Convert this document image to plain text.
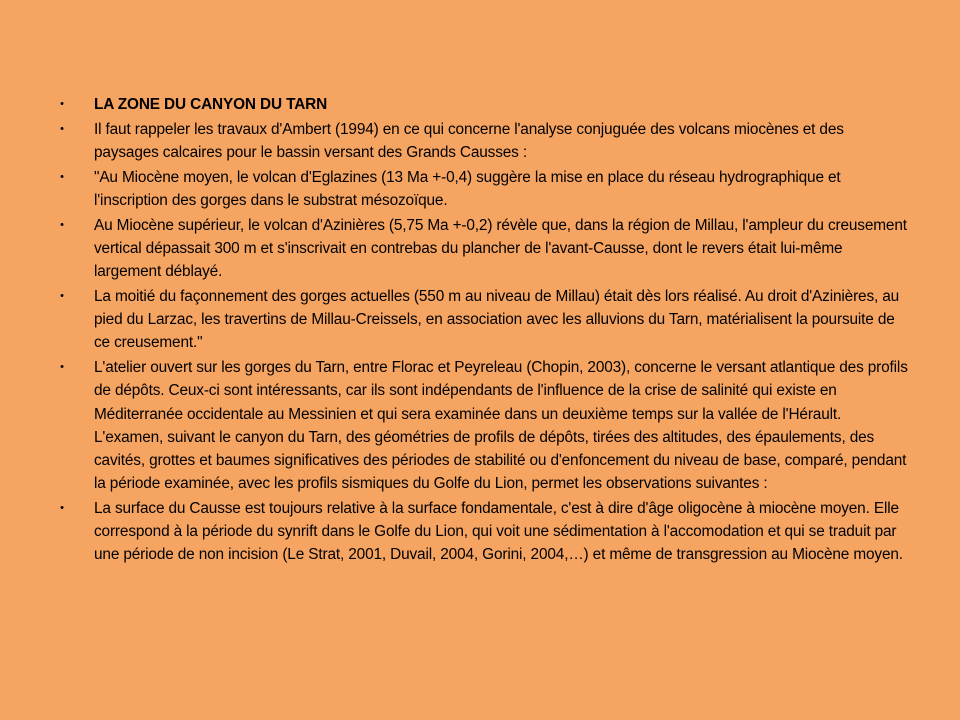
• LA ZONE DU CANYON DU TARN
• Il faut rappeler les travaux d'Ambert (1994) en ce qui concerne l'analyse conjuguée des volcans miocènes et des paysages calcaires pour le bassin versant des Grands Causses :
• "Au Miocène moyen, le volcan d'Eglazines (13 Ma +-0,4) suggère la mise en place du réseau hydrographique et l'inscription des gorges dans le substrat mésozoïque.
• Au Miocène supérieur, le volcan d'Azinières (5,75 Ma +-0,2) révèle que, dans la région de Millau, l'ampleur du creusement vertical dépassait 300 m et s'inscrivait en contrebas du plancher de l'avant-Causse, dont le revers était lui-même largement déblayé.
• La moitié du façonnement des gorges actuelles (550 m au niveau de Millau) était dès lors réalisé. Au droit d'Azinières, au pied du Larzac, les travertins de Millau-Creissels, en association avec les alluvions du Tarn, matérialisent la poursuite de ce creusement."
• L'atelier ouvert sur les gorges du Tarn, entre Florac et Peyreleau (Chopin, 2003), concerne le versant atlantique des profils de dépôts. Ceux-ci sont intéressants, car ils sont indépendants de l'influence de la crise de salinité qui existe en Méditerranée occidentale au Messinien et qui sera examinée dans un deuxième temps sur la vallée de l'Hérault. L'examen, suivant le canyon du Tarn, des géométries de profils de dépôts, tirées des altitudes, des épaulements, des cavités, grottes et baumes significatives des périodes de stabilité ou d'enfoncement du niveau de base, comparé, pendant la période examinée, avec les profils sismiques du Golfe du Lion, permet les observations suivantes :
• La surface du Causse est toujours relative à la surface fondamentale, c'est à dire d'âge oligocène à miocène moyen. Elle correspond à la période du synrift dans le Golfe du Lion, qui voit une sédimentation à l'accomodation et qui se traduit par une période de non incision (Le Strat, 2001, Duvail, 2004, Gorini, 2004,…) et même de transgression au Miocène moyen.
